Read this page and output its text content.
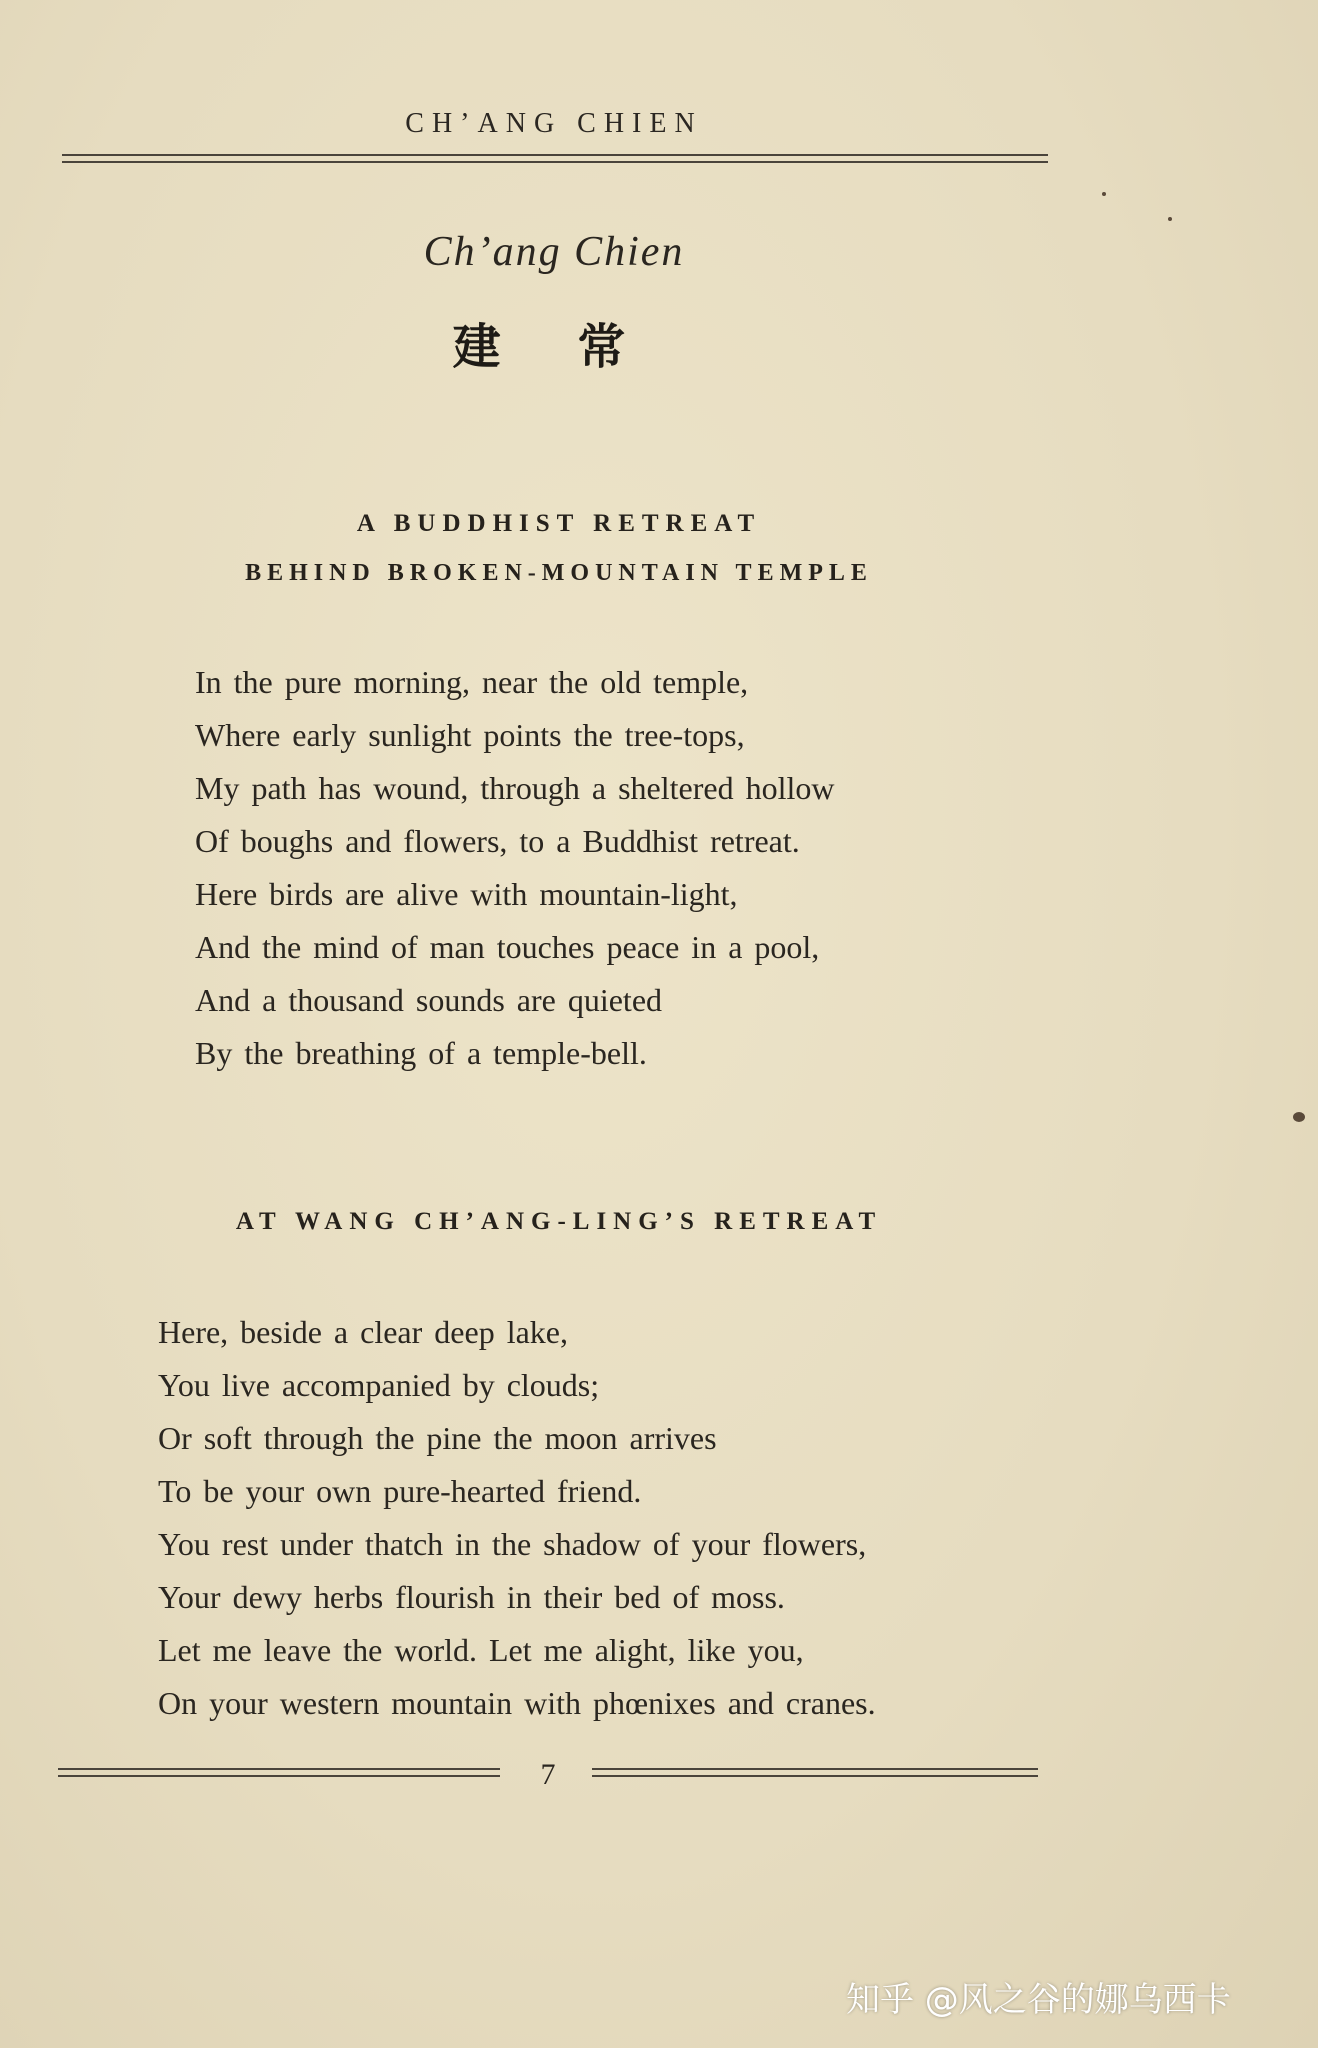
CH’ANG CHIEN
Ch’ang Chien
建 常
A BUDDHIST RETREAT
BEHIND BROKEN-MOUNTAIN TEMPLE
In the pure morning, near the old temple,
Where early sunlight points the tree-tops,
My path has wound, through a sheltered hollow
Of boughs and flowers, to a Buddhist retreat.
Here birds are alive with mountain-light,
And the mind of man touches peace in a pool,
And a thousand sounds are quieted
By the breathing of a temple-bell.
AT WANG CH’ANG-LING’S RETREAT
Here, beside a clear deep lake,
You live accompanied by clouds;
Or soft through the pine the moon arrives
To be your own pure-hearted friend.
You rest under thatch in the shadow of your flowers,
Your dewy herbs flourish in their bed of moss.
Let me leave the world. Let me alight, like you,
On your western mountain with phœnixes and cranes.
7
知乎 @风之谷的娜乌西卡
